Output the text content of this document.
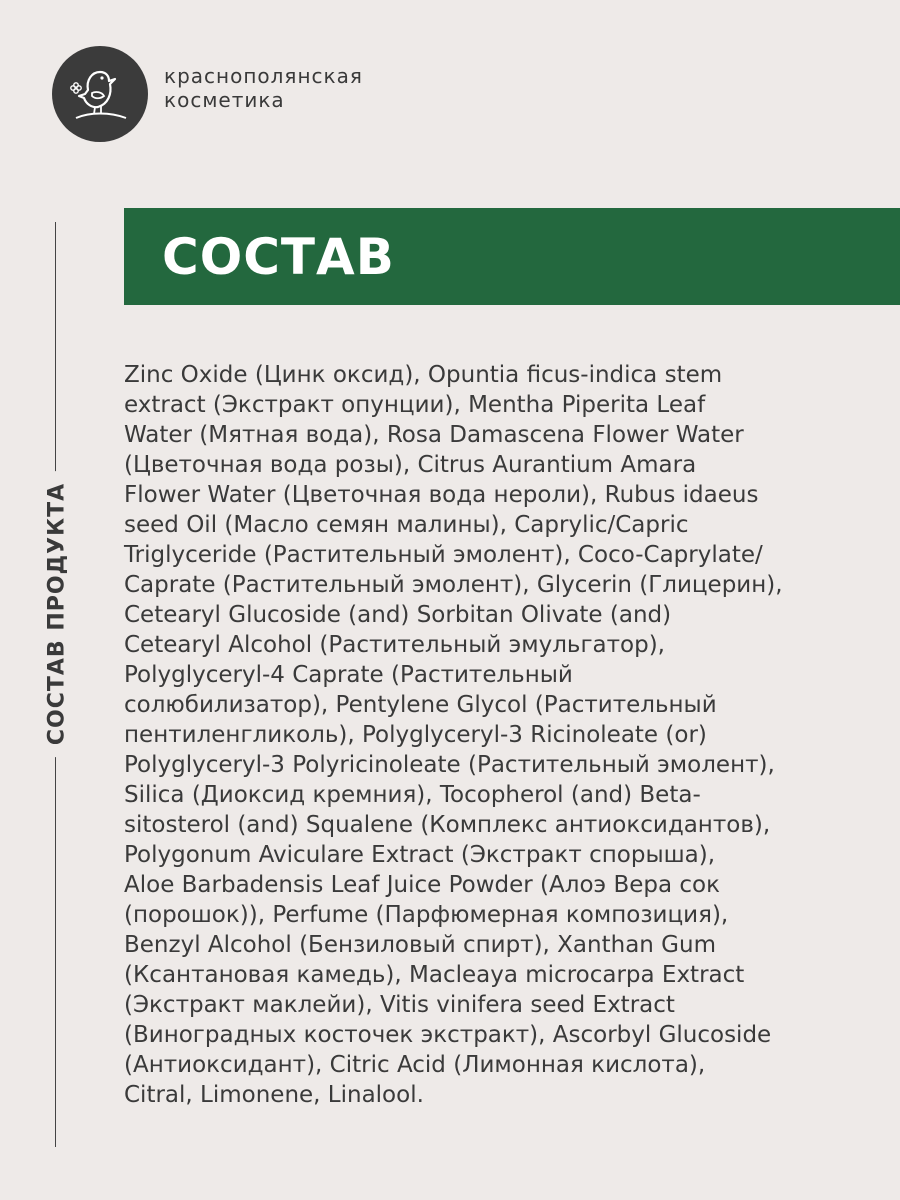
краснополянская
косметика
СОСТАВ ПРОДУКТА
СОСТАВ
Zinc Oxide (Цинк оксид), Opuntia ficus-indica stem
extract (Экстракт опунции), Mentha Piperita Leaf
Water (Мятная вода), Rosa Damascena Flower Water
(Цветочная вода розы), Citrus Aurantium Amara
Flower Water (Цветочная вода нероли), Rubus idaeus
seed Oil (Масло семян малины), Caprylic/Capric
Triglyceride (Растительный эмолент), Coco-Caprylate/
Caprate (Растительный эмолент), Glycerin (Глицерин),
Cetearyl Glucoside (and) Sorbitan Olivate (and)
Cetearyl Alcohol (Растительный эмульгатор),
Polyglyceryl-4 Caprate (Растительный
солюбилизатор), Pentylene Glycol (Растительный
пентиленгликоль), Polyglyceryl-3 Ricinoleate (or)
Polyglyceryl-3 Polyricinoleate (Растительный эмолент),
Silica (Диоксид кремния), Tocopherol (and) Beta-
sitosterol (and) Squalene (Комплекс антиоксидантов),
Polygonum Aviculare Extract (Экстракт спорыша),
Aloe Barbadensis Leaf Juice Powder (Алоэ Вера сок
(порошок)), Perfume (Парфюмерная композиция),
Benzyl Alcohol (Бензиловый спирт), Xanthan Gum
(Ксантановая камедь), Macleaya microcarpa Extract
(Экстракт маклейи), Vitis vinifera seed Extract
(Виноградных косточек экстракт), Ascorbyl Glucoside
(Антиоксидант), Citric Acid (Лимонная кислота),
Citral, Limonene, Linalool.
